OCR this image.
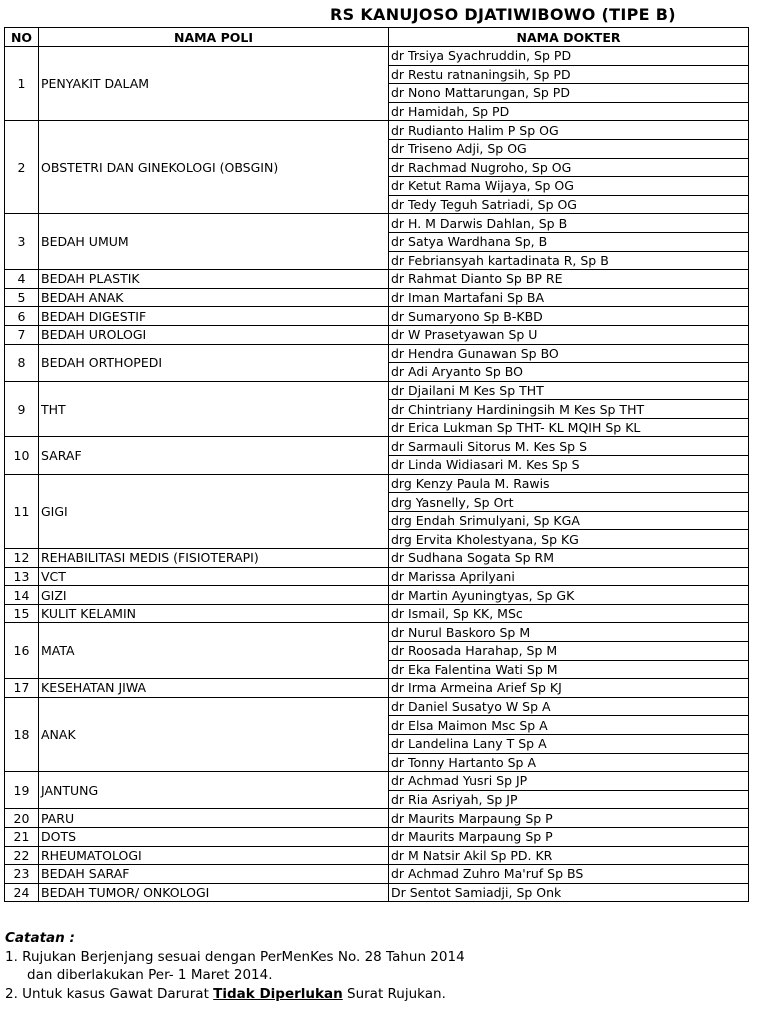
RS KANUJOSO DJATIWIBOWO (TIPE B)
NO	NAMA POLI	NAMA DOKTER
1	PENYAKIT DALAM	dr Trsiya Syachruddin, Sp PD
		dr Restu ratnaningsih, Sp PD
		dr Nono Mattarungan, Sp PD
		dr Hamidah, Sp PD
2	OBSTETRI DAN GINEKOLOGI (OBSGIN)	dr Rudianto Halim P Sp OG
		dr Triseno Adji, Sp OG
		dr Rachmad Nugroho, Sp OG
		dr Ketut Rama Wijaya, Sp OG
		dr Tedy Teguh Satriadi, Sp OG
3	BEDAH UMUM	dr H. M Darwis Dahlan, Sp B
		dr Satya Wardhana Sp, B
		dr Febriansyah kartadinata R, Sp B
4	BEDAH PLASTIK	dr Rahmat Dianto Sp BP RE
5	BEDAH ANAK	dr Iman Martafani Sp BA
6	BEDAH DIGESTIF	dr Sumaryono Sp B-KBD
7	BEDAH UROLOGI	dr W Prasetyawan Sp U
8	BEDAH ORTHOPEDI	dr Hendra Gunawan Sp BO
		dr Adi Aryanto Sp BO
9	THT	dr Djailani M Kes Sp THT
		dr Chintriany Hardiningsih M Kes Sp THT
		dr Erica Lukman Sp THT- KL MQIH Sp KL
10	SARAF	dr Sarmauli Sitorus M. Kes Sp S
		dr Linda Widiasari M. Kes Sp S
11	GIGI	drg Kenzy Paula M. Rawis
		drg Yasnelly, Sp Ort
		drg Endah Srimulyani, Sp KGA
		drg Ervita Kholestyana, Sp KG
12	REHABILITASI MEDIS (FISIOTERAPI)	dr Sudhana Sogata Sp RM
13	VCT	dr Marissa Aprilyani
14	GIZI	dr Martin Ayuningtyas, Sp GK
15	KULIT KELAMIN	dr Ismail, Sp KK, MSc
16	MATA	dr Nurul Baskoro Sp M
		dr Roosada Harahap, Sp M
		dr Eka Falentina Wati Sp M
17	KESEHATAN JIWA	dr Irma Armeina Arief Sp KJ
18	ANAK	dr Daniel Susatyo W Sp A
		dr Elsa Maimon Msc Sp A
		dr Landelina Lany T Sp A
		dr Tonny Hartanto Sp A
19	JANTUNG	dr Achmad Yusri Sp JP
		dr Ria Asriyah, Sp JP
20	PARU	dr Maurits Marpaung Sp P
21	DOTS	dr Maurits Marpaung Sp P
22	RHEUMATOLOGI	dr M Natsir Akil Sp PD. KR
23	BEDAH SARAF	dr Achmad Zuhro Ma'ruf Sp BS
24	BEDAH TUMOR/ ONKOLOGI	Dr Sentot Samiadji, Sp Onk
Catatan :
1. Rujukan Berjenjang sesuai dengan PerMenKes No. 28 Tahun 2014
dan diberlakukan Per- 1 Maret 2014.
2. Untuk kasus Gawat Darurat Tidak Diperlukan Surat Rujukan.
